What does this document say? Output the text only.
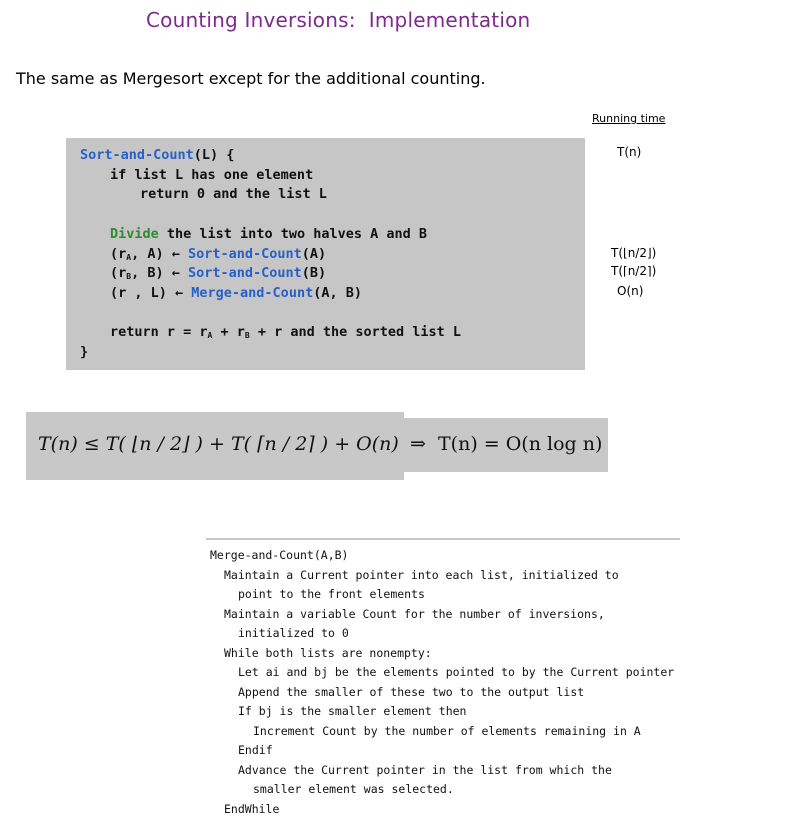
Counting Inversions:  Implementation
The same as Mergesort except for the additional counting.
Running time
T(n)
T(⌊n/2⌋)
T(⌈n/2⌉)
O(n)
Sort-and-Count(L) {
if list L has one element
return 0 and the list L
Divide the list into two halves A and B
($r_A$, A) ← Sort-and-Count(A)
($r_B$, B) ← Sort-and-Count(B)
(r , L) ← Merge-and-Count(A, B)
return $r = r_A + r_B + r$ and the sorted list L
}
T(n) ≤ T( ⌊n / 2⌋ ) + T( ⌈n / 2⌉ ) + O(n) ⇒  T(n) = O(n log n)
Merge-and-Count(A,B)
Maintain a Current pointer into each list, initialized to
point to the front elements
Maintain a variable Count for the number of inversions,
initialized to 0
While both lists are nonempty:
Let ai and bj be the elements pointed to by the Current pointer
Append the smaller of these two to the output list
If bj is the smaller element then
Increment Count by the number of elements remaining in A
Endif
Advance the Current pointer in the list from which the
smaller element was selected.
EndWhile
